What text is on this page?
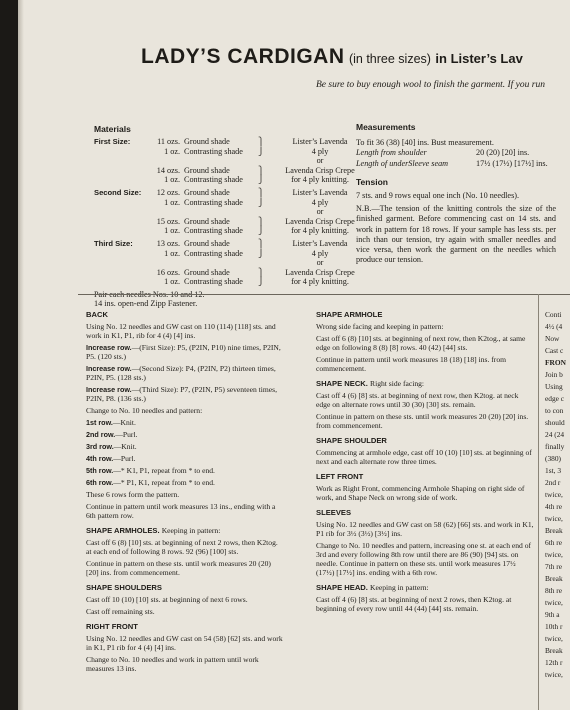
LADY’S CARDIGAN (in three sizes) in Lister’s Lav
Be sure to buy enough wool to finish the garment. If you run
Materials
First Size:	11 ozs. Ground shade	⎫	Lister’s Lavenda
1 oz. Contrasting shade	⎭	4 ply
or
14 ozs. Ground shade	⎫	Lavenda Crisp Crepe
1 oz. Contrasting shade	⎭	for 4 ply knitting.
Second Size:	12 ozs. Ground shade	⎫	Lister’s Lavenda
1 oz. Contrasting shade	⎭	4 ply
or
15 ozs. Ground shade	⎫	Lavenda Crisp Crepe
1 oz. Contrasting shade	⎭	for 4 ply knitting.
Third Size:	13 ozs. Ground shade	⎫	Lister’s Lavenda
1 oz. Contrasting shade	⎭	4 ply
or
16 ozs. Ground shade	⎫	Lavenda Crisp Crepe
1 oz. Contrasting shade	⎭	for 4 ply knitting.
Pair each needles Nos. 10 and 12.
14 ins. open-end Zipp Fastener.

Measurements

To fit 36 (38) [40] ins. Bust measurement.

Length from shoulder	20 (20) [20] ins.

Length of underSleeve seam	17½ (17½) [17½] ins.

Tension

7 sts. and 9 rows equal one inch (No. 10 needles).

N.B.—The tension of the knitting controls the size of the finished garment. Before commencing cast on 14 sts. and work in pattern for 18 rows. If your sample has less sts. per inch than our tension, try again with smaller needles and vice versa, then work the garment on the needles which produce our tension.

BACK

Using No. 12 needles and GW cast on 110 (114) [118] sts. and work in K1, P1, rib for 4 (4) [4] ins.

Increase row.—(First Size): P5, (P2IN, P10) nine times, P2IN, P5. (120 sts.)

Increase row.—(Second Size): P4, (P2IN, P2) thirteen times, P2IN, P5. (128 sts.)

Increase row.—(Third Size): P7, (P2IN, P5) seventeen times, P2IN, P8. (136 sts.)

Change to No. 10 needles and pattern:

1st row.—Knit.

2nd row.—Purl.

3rd row.—Knit.

4th row.—Purl.

5th row.—* K1, P1, repeat from * to end.

6th row.—* P1, K1, repeat from * to end.

These 6 rows form the pattern.

Continue in pattern until work measures 13 ins., ending with a 6th pattern row.

SHAPE ARMHOLES. Keeping in pattern:

Cast off 6 (8) [10] sts. at beginning of next 2 rows, then K2tog. at each end of following 8 rows. 92 (96) [100] sts.

Continue in pattern on these sts. until work measures 20 (20) [20] ins. from commencement.

SHAPE SHOULDERS

Cast off 10 (10) [10] sts. at beginning of next 6 rows.

Cast off remaining sts.

RIGHT FRONT

Using No. 12 needles and GW cast on 54 (58) [62] sts. and work in K1, P1 rib for 4 (4) [4] ins.

Change to No. 10 needles and work in pattern until work measures 13 ins.

SHAPE ARMHOLE

Wrong side facing and keeping in pattern:

Cast off 6 (8) [10] sts. at beginning of next row, then K2tog., at same edge on following 8 (8) [8] rows. 40 (42) [44] sts.

Continue in pattern until work measures 18 (18) [18] ins. from commencement.

SHAPE NECK. Right side facing:

Cast off 4 (6) [8] sts. at beginning of next row, then K2tog. at neck edge on alternate rows until 30 (30) [30] sts. remain.

Continue in pattern on these sts. until work measures 20 (20) [20] ins. from commencement.

SHAPE SHOULDER

Commencing at armhole edge, cast off 10 (10) [10] sts. at beginning of next and each alternate row three times.

LEFT FRONT

Work as Right Front, commencing Armhole Shaping on right side of work, and Shape Neck on wrong side of work.

SLEEVES

Using No. 12 needles and GW cast on 58 (62) [66] sts. and work in K1, P1 rib for 3½ (3½) [3½] ins.

Change to No. 10 needles and pattern, increasing one st. at each end of 3rd and every following 8th row until there are 86 (90) [94] sts. on needle. Continue in pattern on these sts. until work measures 17½ (17½) [17½] ins. ending with a 6th row.

SHAPE HEAD. Keeping in pattern:

Cast off 4 (6) [8] sts. at beginning of next 2 rows, then K2tog. at beginning of every row until 44 (44) [44] sts. remain.

Conti
4½ (4
Now
Cast c
FRON
Join b
Using
edge c
to con
should
24 (24
finally
(380)
1st, 3
2nd r
twice,
4th re
twice,
Break
6th re
twice,
7th re
Break
8th re
twice,
9th a
10th r
twice,
Break
12th r
twice,
